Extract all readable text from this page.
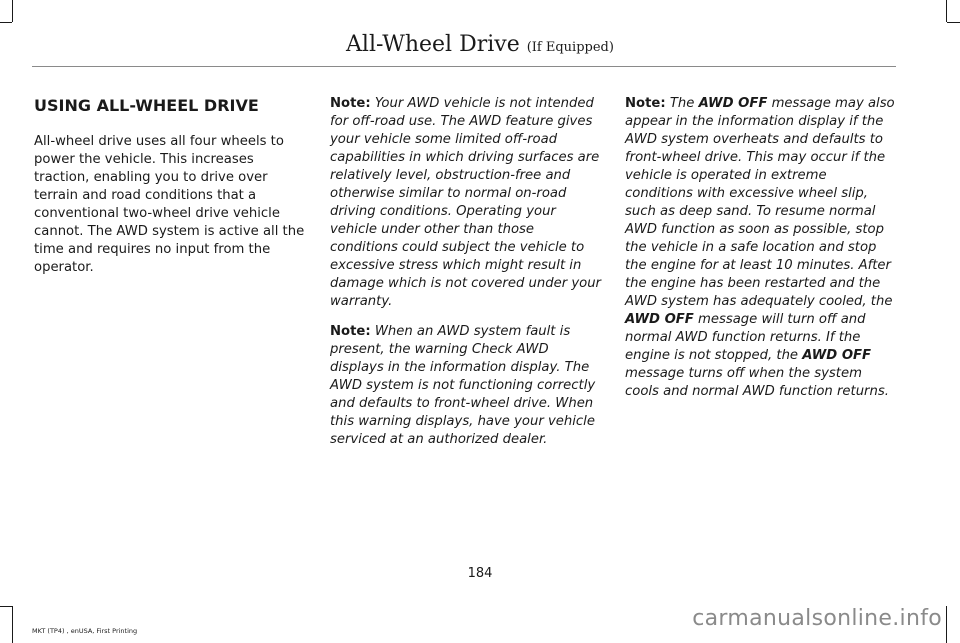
All-Wheel Drive (If Equipped)
USING ALL-WHEEL DRIVE

All-wheel drive uses all four wheels to power the vehicle. This increases traction, enabling you to drive over terrain and road conditions that a conventional two-wheel drive vehicle cannot. The AWD system is active all the time and requires no input from the operator.

Note: Your AWD vehicle is not intended for off-road use. The AWD feature gives your vehicle some limited off-road capabilities in which driving surfaces are relatively level, obstruction-free and otherwise similar to normal on-road driving conditions. Operating your vehicle under other than those conditions could subject the vehicle to excessive stress which might result in damage which is not covered under your warranty.

Note: When an AWD system fault is present, the warning Check AWD displays in the information display. The AWD system is not functioning correctly and defaults to front-wheel drive. When this warning displays, have your vehicle serviced at an authorized dealer.

Note: The AWD OFF message may also appear in the information display if the AWD system overheats and defaults to front-wheel drive. This may occur if the vehicle is operated in extreme conditions with excessive wheel slip, such as deep sand. To resume normal AWD function as soon as possible, stop the vehicle in a safe location and stop the engine for at least 10 minutes. After the engine has been restarted and the AWD system has adequately cooled, the AWD OFF message will turn off and normal AWD function returns. If the engine is not stopped, the AWD OFF message turns off when the system cools and normal AWD function returns.

184
MKT (TP4) , enUSA, First Printing	carmanualsonline.info
